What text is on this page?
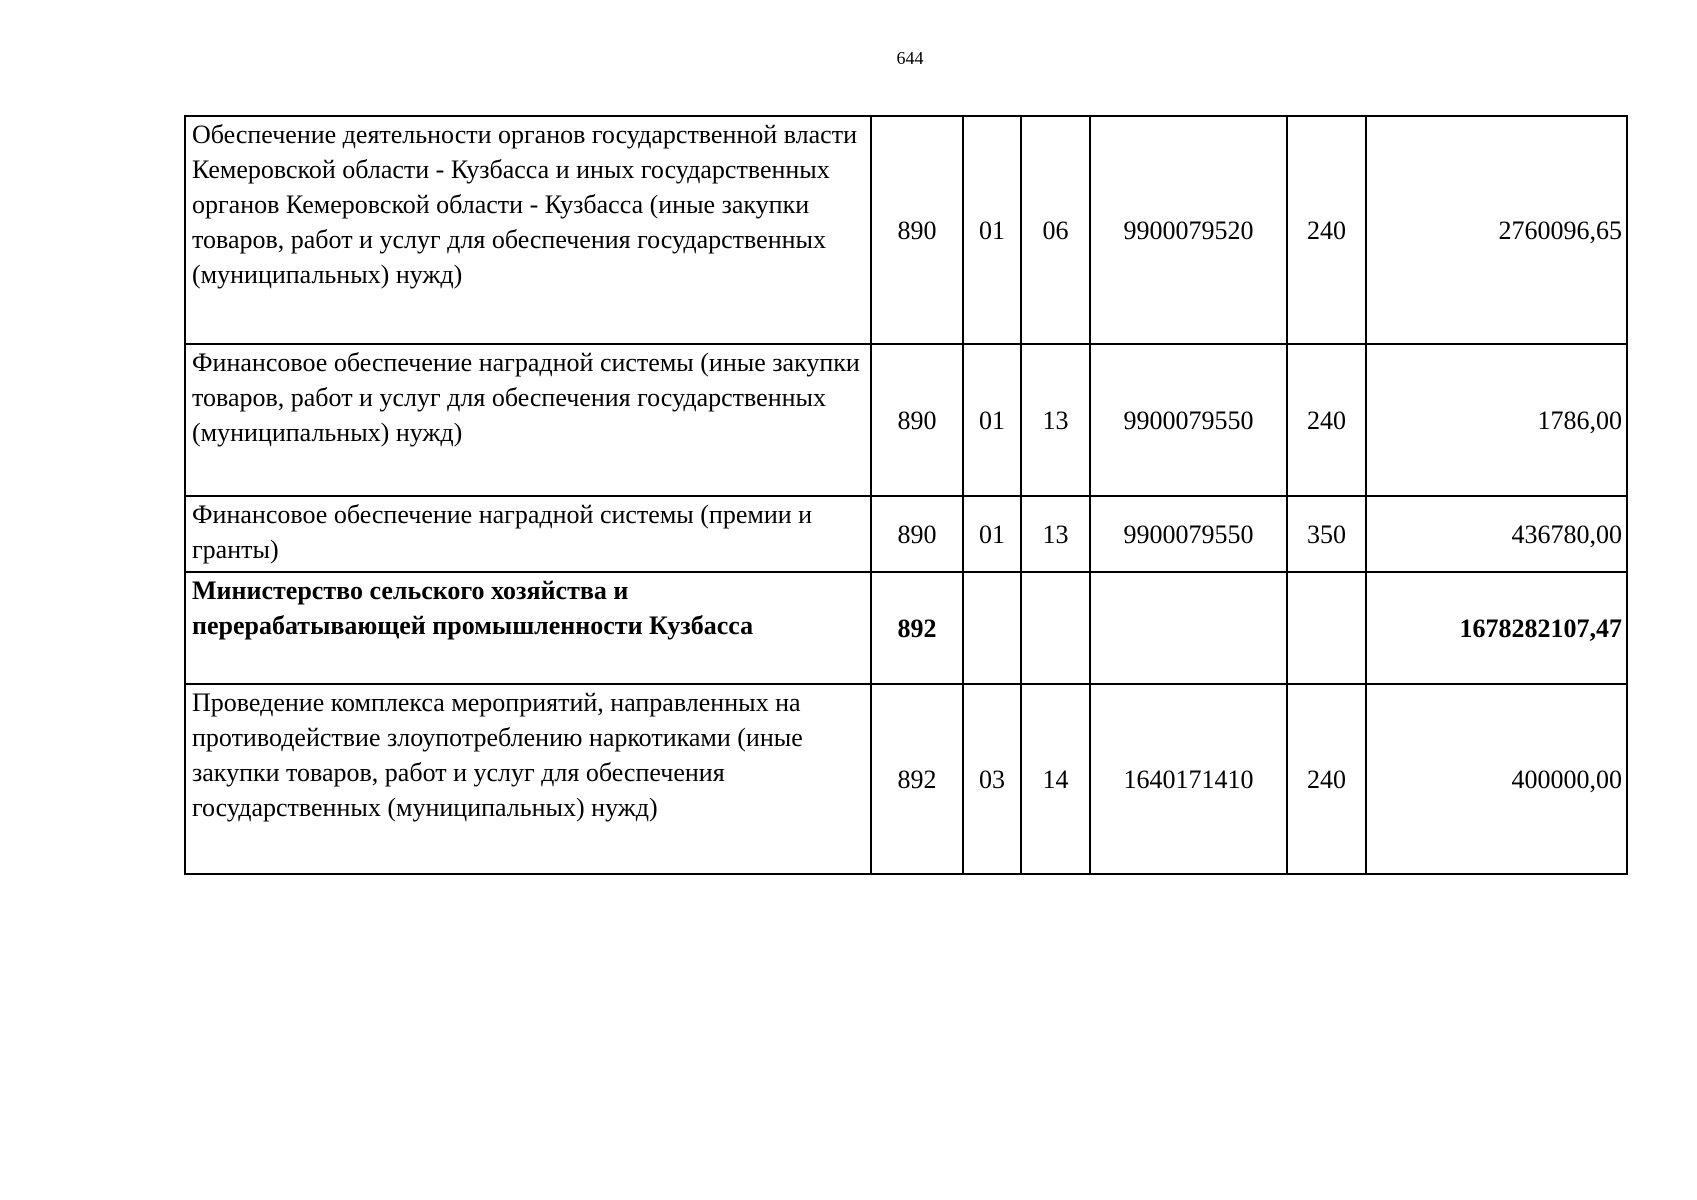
644
Обеспечение деятельности органов государственной власти Кемеровской области - Кузбасса и иных государственных органов Кемеровской области - Кузбасса (иные закупки товаров, работ и услуг для обеспечения государственных (муниципальных) нужд)	890	01	06	9900079520	240	2760096,65
Финансовое обеспечение наградной системы (иные закупки товаров, работ и услуг для обеспечения государственных (муниципальных) нужд)	890	01	13	9900079550	240	1786,00
Финансовое обеспечение наградной системы (премии и гранты)	890	01	13	9900079550	350	436780,00
Министерство сельского хозяйства и перерабатывающей промышленности Кузбасса	892					1678282107,47
Проведение комплекса мероприятий, направленных на противодействие злоупотреблению наркотиками (иные закупки товаров, работ и услуг для обеспечения государственных (муниципальных) нужд)	892	03	14	1640171410	240	400000,00
